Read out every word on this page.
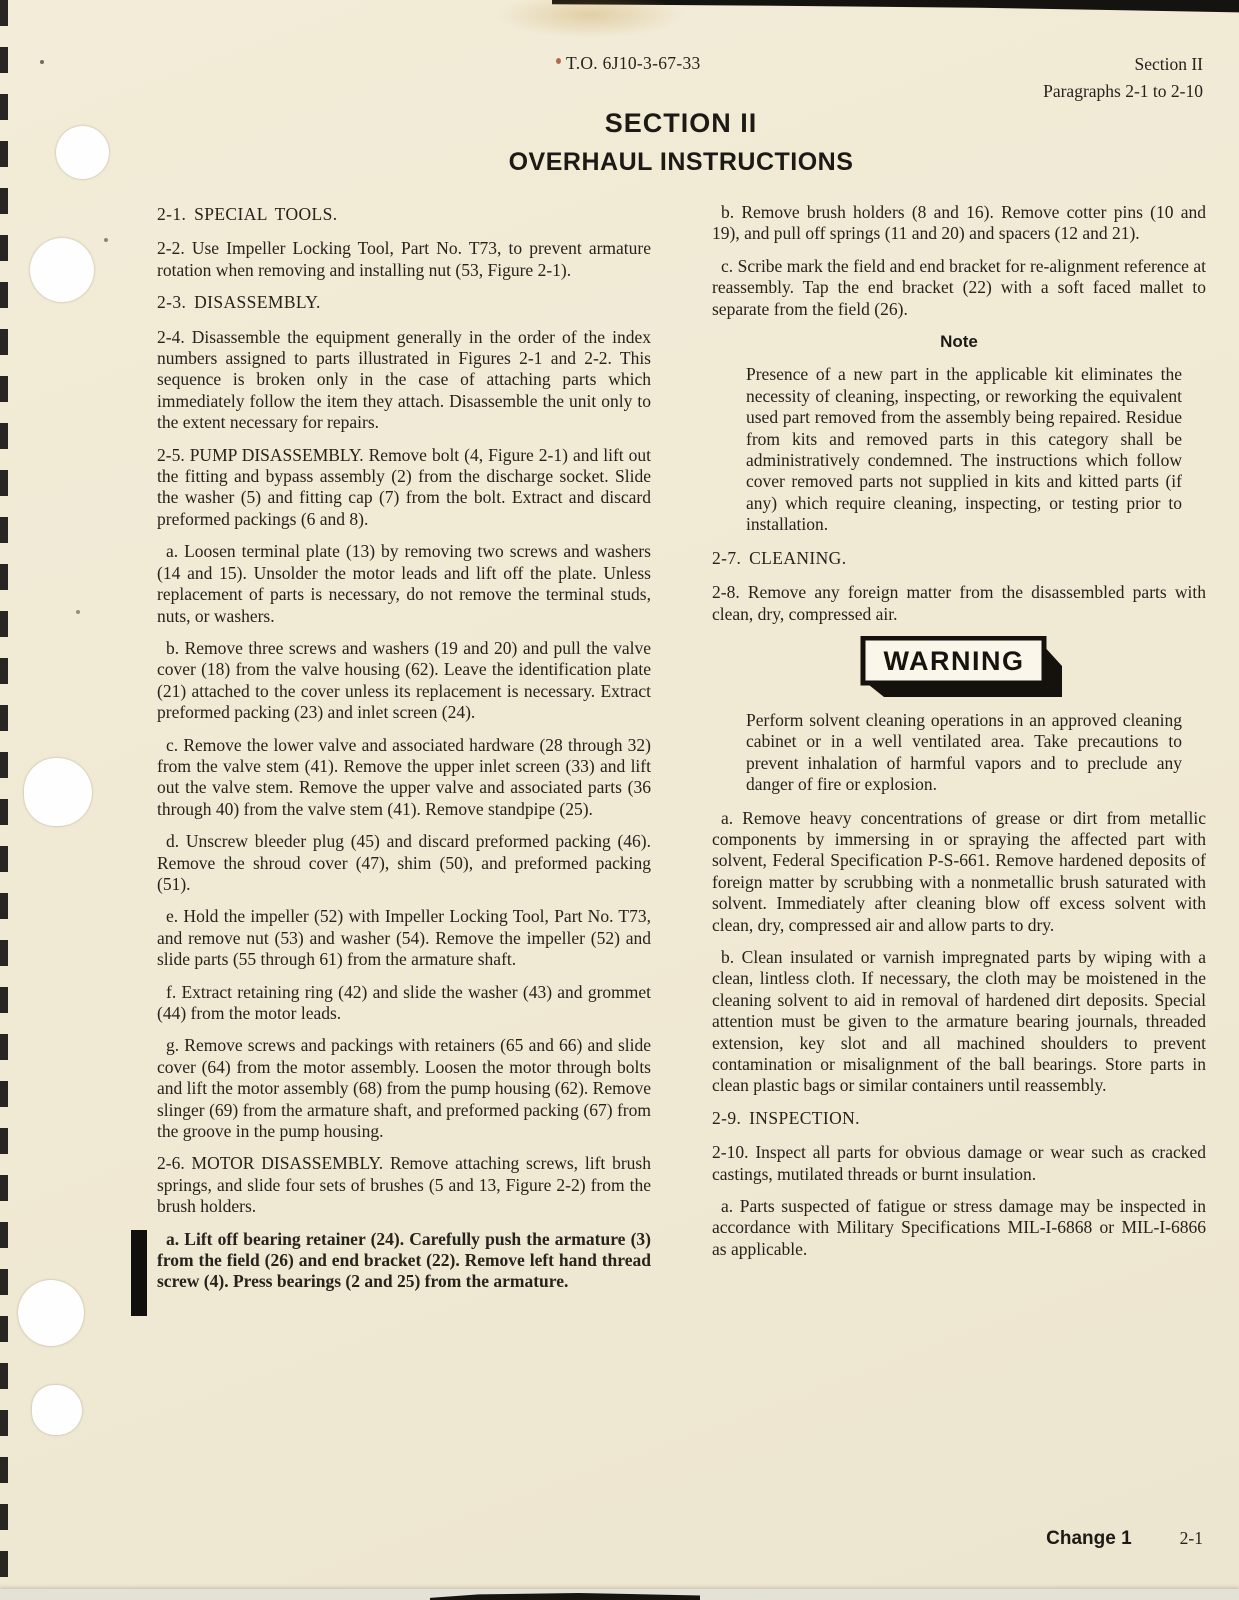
T.O. 6J10-3-67-33	Section II
Paragraphs 2-1 to 2-10
SECTION II
OVERHAUL INSTRUCTIONS
2-1. SPECIAL TOOLS.
2-2. Use Impeller Locking Tool, Part No. T73, to prevent armature rotation when removing and installing nut (53, Figure 2-1).
2-3. DISASSEMBLY.
2-4. Disassemble the equipment generally in the order of the index numbers assigned to parts illustrated in Figures 2-1 and 2-2. This sequence is broken only in the case of attaching parts which immediately follow the item they attach. Disassemble the unit only to the extent necessary for repairs.
2-5. PUMP DISASSEMBLY. Remove bolt (4, Figure 2-1) and lift out the fitting and bypass assembly (2) from the discharge socket. Slide the washer (5) and fitting cap (7) from the bolt. Extract and discard preformed packings (6 and 8).
a. Loosen terminal plate (13) by removing two screws and washers (14 and 15). Unsolder the motor leads and lift off the plate. Unless replacement of parts is necessary, do not remove the terminal studs, nuts, or washers.
b. Remove three screws and washers (19 and 20) and pull the valve cover (18) from the valve housing (62). Leave the identification plate (21) attached to the cover unless its replacement is necessary. Extract preformed packing (23) and inlet screen (24).
c. Remove the lower valve and associated hardware (28 through 32) from the valve stem (41). Remove the upper inlet screen (33) and lift out the valve stem. Remove the upper valve and associated parts (36 through 40) from the valve stem (41). Remove standpipe (25).
d. Unscrew bleeder plug (45) and discard preformed packing (46). Remove the shroud cover (47), shim (50), and preformed packing (51).
e. Hold the impeller (52) with Impeller Locking Tool, Part No. T73, and remove nut (53) and washer (54). Remove the impeller (52) and slide parts (55 through 61) from the armature shaft.
f. Extract retaining ring (42) and slide the washer (43) and grommet (44) from the motor leads.
g. Remove screws and packings with retainers (65 and 66) and slide cover (64) from the motor assembly. Loosen the motor through bolts and lift the motor assembly (68) from the pump housing (62). Remove slinger (69) from the armature shaft, and preformed packing (67) from the groove in the pump housing.
2-6. MOTOR DISASSEMBLY. Remove attaching screws, lift brush springs, and slide four sets of brushes (5 and 13, Figure 2-2) from the brush holders.
a. Lift off bearing retainer (24). Carefully push the armature (3) from the field (26) and end bracket (22). Remove left hand thread screw (4). Press bearings (2 and 25) from the armature.
b. Remove brush holders (8 and 16). Remove cotter pins (10 and 19), and pull off springs (11 and 20) and spacers (12 and 21).
c. Scribe mark the field and end bracket for re-alignment reference at reassembly. Tap the end bracket (22) with a soft faced mallet to separate from the field (26).
Note
Presence of a new part in the applicable kit eliminates the necessity of cleaning, inspecting, or reworking the equivalent used part removed from the assembly being repaired. Residue from kits and removed parts in this category shall be administratively condemned. The instructions which follow cover removed parts not supplied in kits and kitted parts (if any) which require cleaning, inspecting, or testing prior to installation.
2-7. CLEANING.
2-8. Remove any foreign matter from the disassembled parts with clean, dry, compressed air.
WARNING
Perform solvent cleaning operations in an approved cleaning cabinet or in a well ventilated area. Take precautions to prevent inhalation of harmful vapors and to preclude any danger of fire or explosion.
a. Remove heavy concentrations of grease or dirt from metallic components by immersing in or spraying the affected part with solvent, Federal Specification P-S-661. Remove hardened deposits of foreign matter by scrubbing with a nonmetallic brush saturated with solvent. Immediately after cleaning blow off excess solvent with clean, dry, compressed air and allow parts to dry.
b. Clean insulated or varnish impregnated parts by wiping with a clean, lintless cloth. If necessary, the cloth may be moistened in the cleaning solvent to aid in removal of hardened dirt deposits. Special attention must be given to the armature bearing journals, threaded extension, key slot and all machined shoulders to prevent contamination or misalignment of the ball bearings. Store parts in clean plastic bags or similar containers until reassembly.
2-9. INSPECTION.
2-10. Inspect all parts for obvious damage or wear such as cracked castings, mutilated threads or burnt insulation.
a. Parts suspected of fatigue or stress damage may be inspected in accordance with Military Specifications MIL-I-6868 or MIL-I-6866 as applicable.
Change 1	2-1
